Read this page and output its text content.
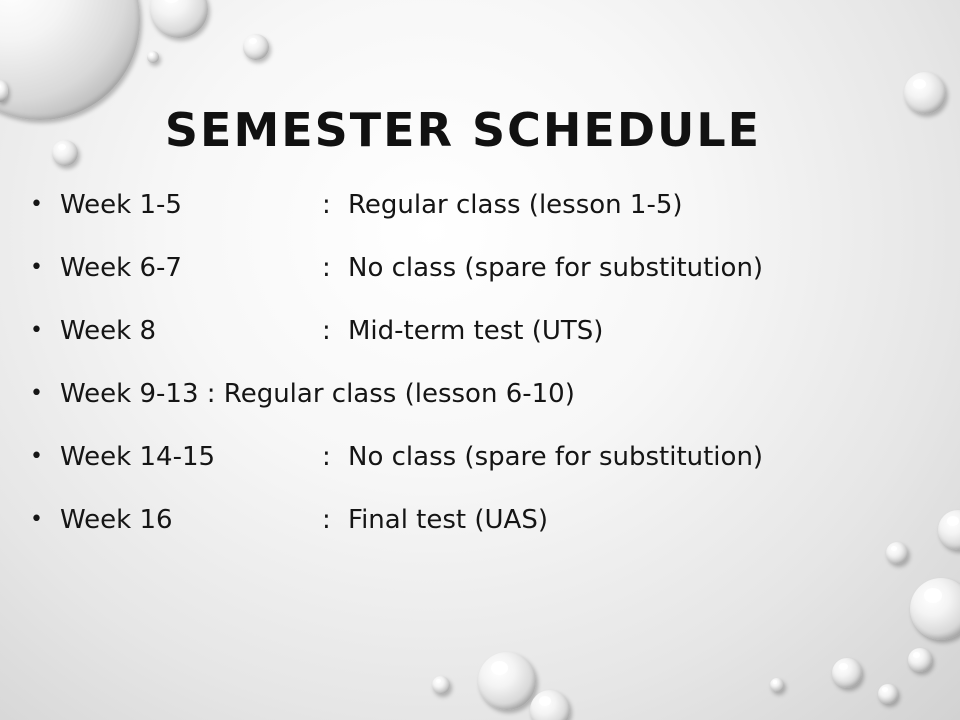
SEMESTER SCHEDULE
• Week 1-5	: Regular class (lesson 1-5)
• Week 6-7	: No class (spare for substitution)
• Week 8	: Mid-term test (UTS)
• Week 9-13 : Regular class (lesson 6-10)
• Week 14-15	: No class (spare for substitution)
• Week 16	: Final test (UAS)
